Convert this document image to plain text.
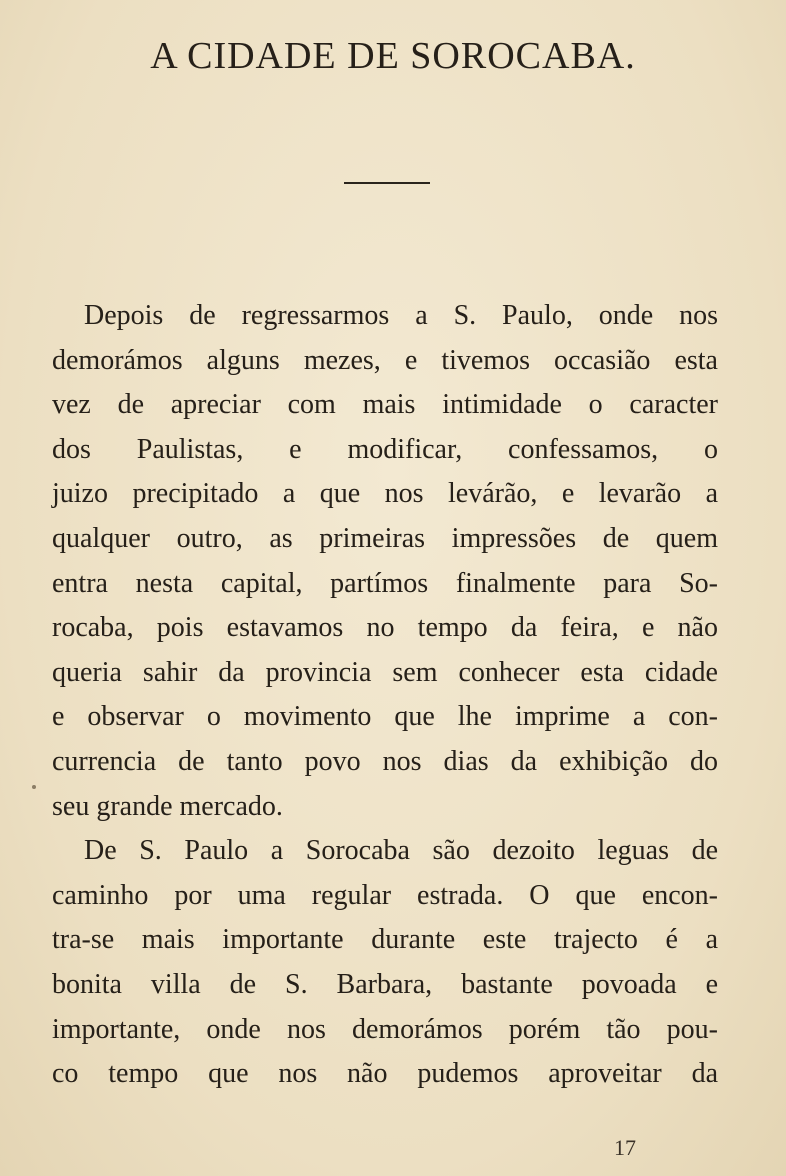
A CIDADE DE SOROCABA.
Depois de regressarmos a S. Paulo, onde nos
demorámos alguns mezes, e tivemos occasião esta
vez de apreciar com mais intimidade o caracter
dos Paulistas, e modificar, confessamos, o
juizo precipitado a que nos levárão, e levarão a
qualquer outro, as primeiras impressões de quem
entra nesta capital, partímos finalmente para So-
rocaba, pois estavamos no tempo da feira, e não
queria sahir da provincia sem conhecer esta cidade
e observar o movimento que lhe imprime a con-
currencia de tanto povo nos dias da exhibição do
seu grande mercado.
De S. Paulo a Sorocaba são dezoito leguas de
caminho por uma regular estrada. O que encon-
tra-se mais importante durante este trajecto é a
bonita villa de S. Barbara, bastante povoada e
importante, onde nos demorámos porém tão pou-
co tempo que nos não pudemos aproveitar da
17
